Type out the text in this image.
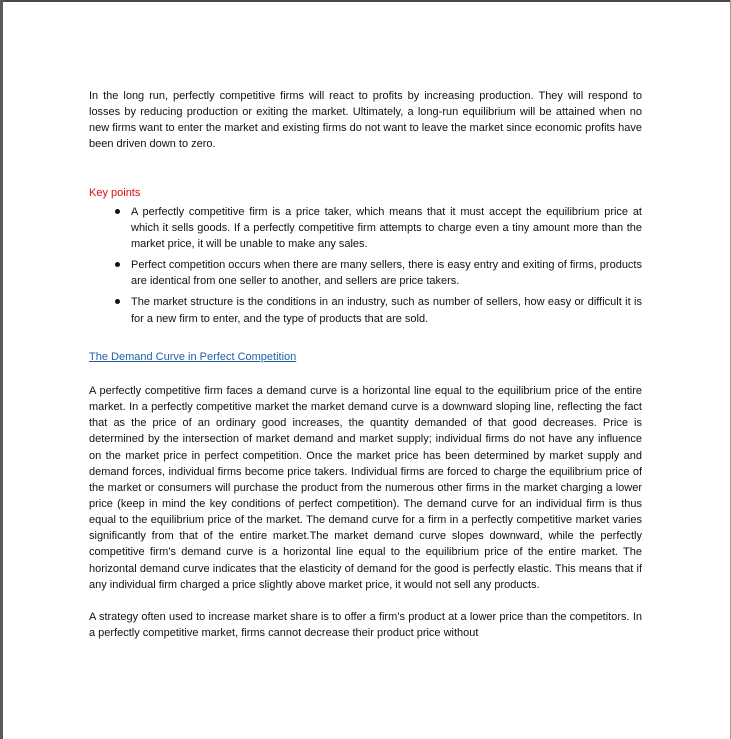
In the long run, perfectly competitive firms will react to profits by increasing production. They will respond to losses by reducing production or exiting the market. Ultimately, a long-run equilibrium will be attained when no new firms want to enter the market and existing firms do not want to leave the market since economic profits have been driven down to zero.

Key points

A perfectly competitive firm is a price taker, which means that it must accept the equilibrium price at which it sells goods. If a perfectly competitive firm attempts to charge even a tiny amount more than the market price, it will be unable to make any sales.
Perfect competition occurs when there are many sellers, there is easy entry and exiting of firms, products are identical from one seller to another, and sellers are price takers.
The market structure is the conditions in an industry, such as number of sellers, how easy or difficult it is for a new firm to enter, and the type of products that are sold.

The Demand Curve in Perfect Competition

A perfectly competitive firm faces a demand curve is a horizontal line equal to the equilibrium price of the entire market. In a perfectly competitive market the market demand curve is a downward sloping line, reflecting the fact that as the price of an ordinary good increases, the quantity demanded of that good decreases. Price is determined by the intersection of market demand and market supply; individual firms do not have any influence on the market price in perfect competition. Once the market price has been determined by market supply and demand forces, individual firms become price takers. Individual firms are forced to charge the equilibrium price of the market or consumers will purchase the product from the numerous other firms in the market charging a lower price (keep in mind the key conditions of perfect competition). The demand curve for an individual firm is thus equal to the equilibrium price of the market. The demand curve for a firm in a perfectly competitive market varies significantly from that of the entire market.The market demand curve slopes downward, while the perfectly competitive firm’s demand curve is a horizontal line equal to the equilibrium price of the entire market. The horizontal demand curve indicates that the elasticity of demand for the good is perfectly elastic. This means that if any individual firm charged a price slightly above market price, it would not sell any products.

A strategy often used to increase market share is to offer a firm’s product at a lower price than the competitors. In a perfectly competitive market, firms cannot decrease their product price without
